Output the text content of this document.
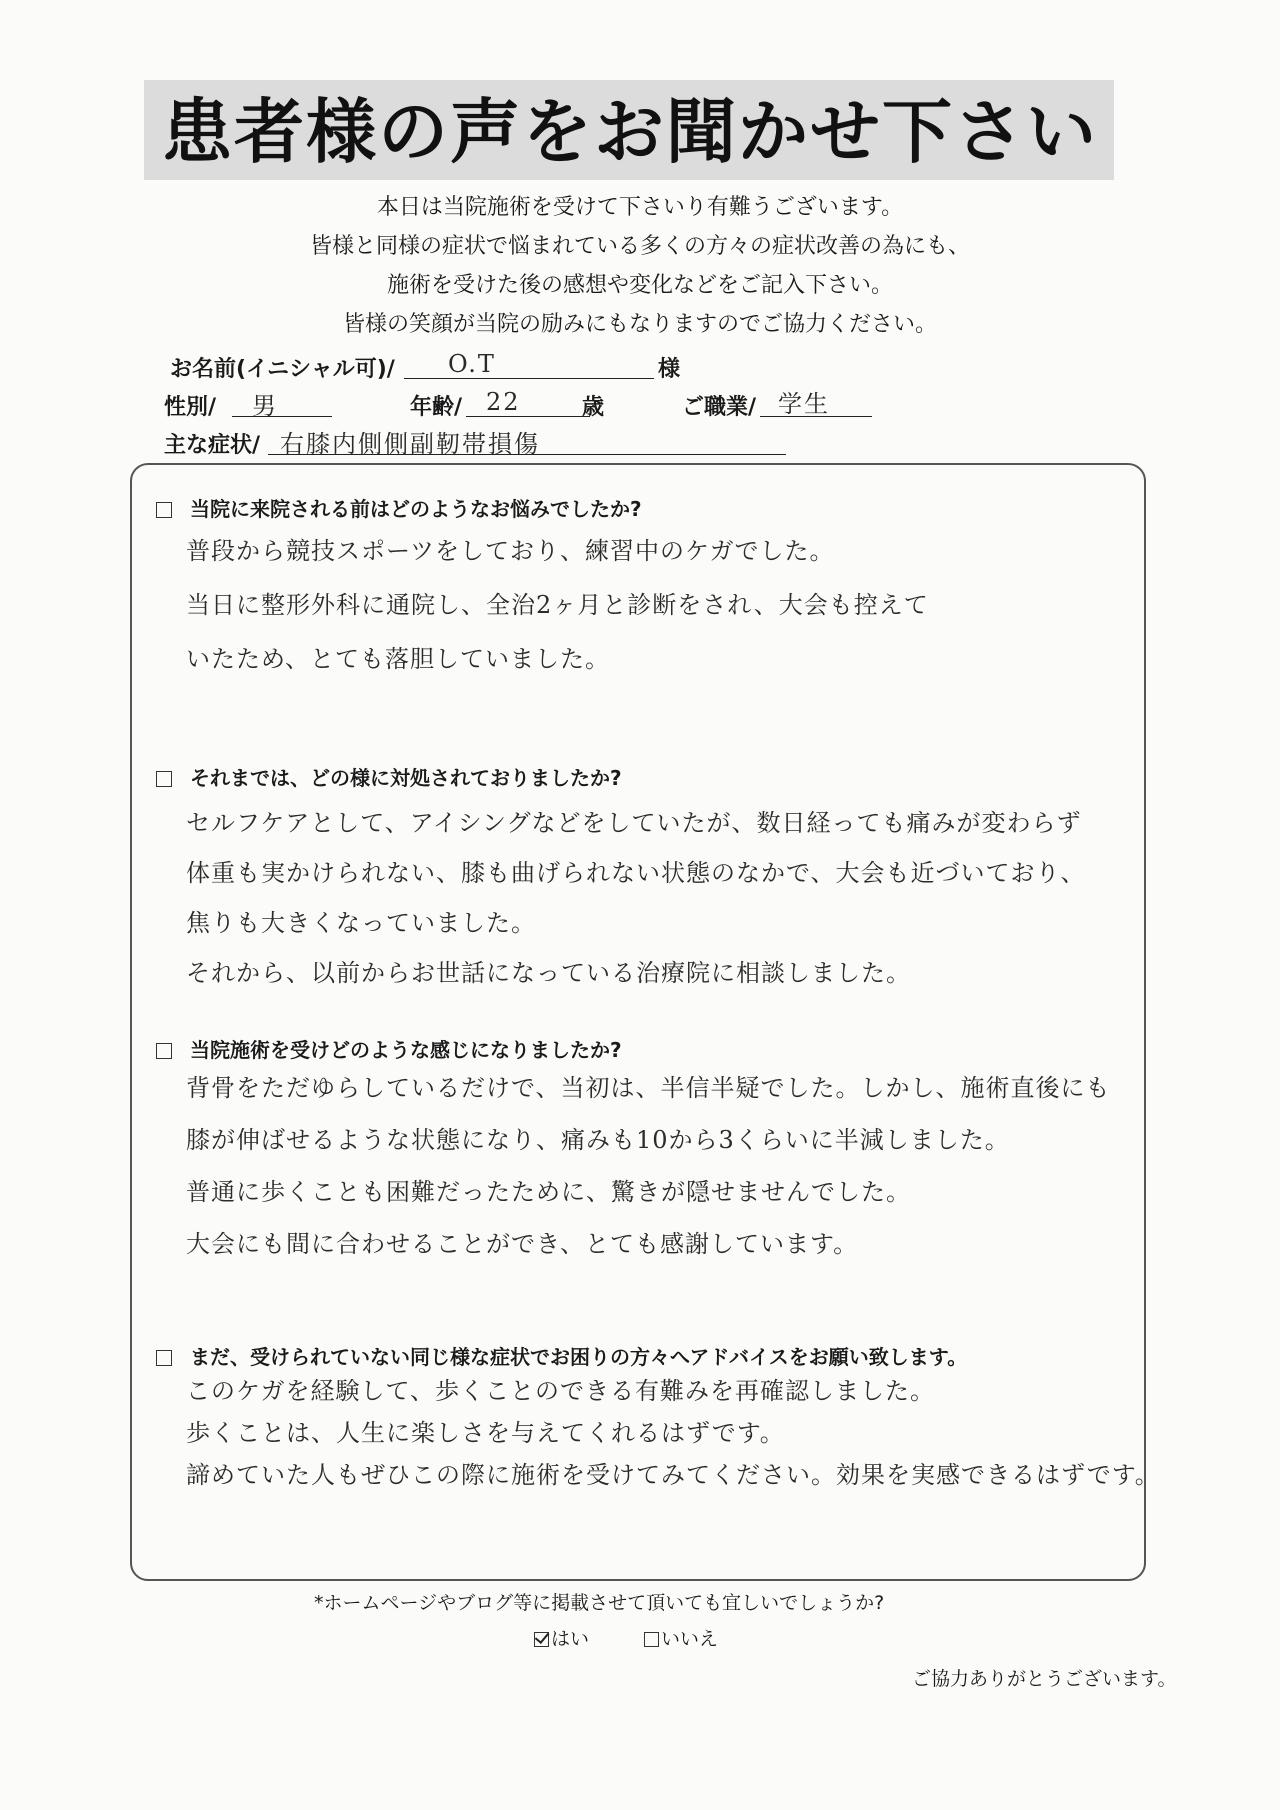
患者様の声をお聞かせ下さい
本日は当院施術を受けて下さいり有難うございます。
皆様と同様の症状で悩まれている多くの方々の症状改善の為にも、
施術を受けた後の感想や変化などをご記入下さい。
皆様の笑顔が当院の励みにもなりますのでご協力ください。
お名前(イニシャル可)/ O.T	様
性別/ 男	年齢/ 22	歳	ご職業/ 学生
主な症状/ 右膝内側側副靭帯損傷
当院に来院される前はどのようなお悩みでしたか?
普段から競技スポーツをしており、練習中のケガでした。
当日に整形外科に通院し、全治2ヶ月と診断をされ、大会も控えて
いたため、とても落胆していました。
それまでは、どの様に対処されておりましたか?
セルフケアとして、アイシングなどをしていたが、数日経っても痛みが変わらず
体重も実かけられない、膝も曲げられない状態のなかで、大会も近づいており、
焦りも大きくなっていました。
それから、以前からお世話になっている治療院に相談しました。
当院施術を受けどのような感じになりましたか?
背骨をただゆらしているだけで、当初は、半信半疑でした。しかし、施術直後にも
膝が伸ばせるような状態になり、痛みも10から3くらいに半減しました。
普通に歩くことも困難だったために、驚きが隠せませんでした。
大会にも間に合わせることができ、とても感謝しています。
まだ、受けられていない同じ様な症状でお困りの方々へアドバイスをお願い致します。
このケガを経験して、歩くことのできる有難みを再確認しました。
歩くことは、人生に楽しさを与えてくれるはずです。
諦めていた人もぜひこの際に施術を受けてみてください。効果を実感できるはずです。
*ホームページやブログ等に掲載させて頂いても宜しいでしょうか?
はい	いいえ
ご協力ありがとうございます。
